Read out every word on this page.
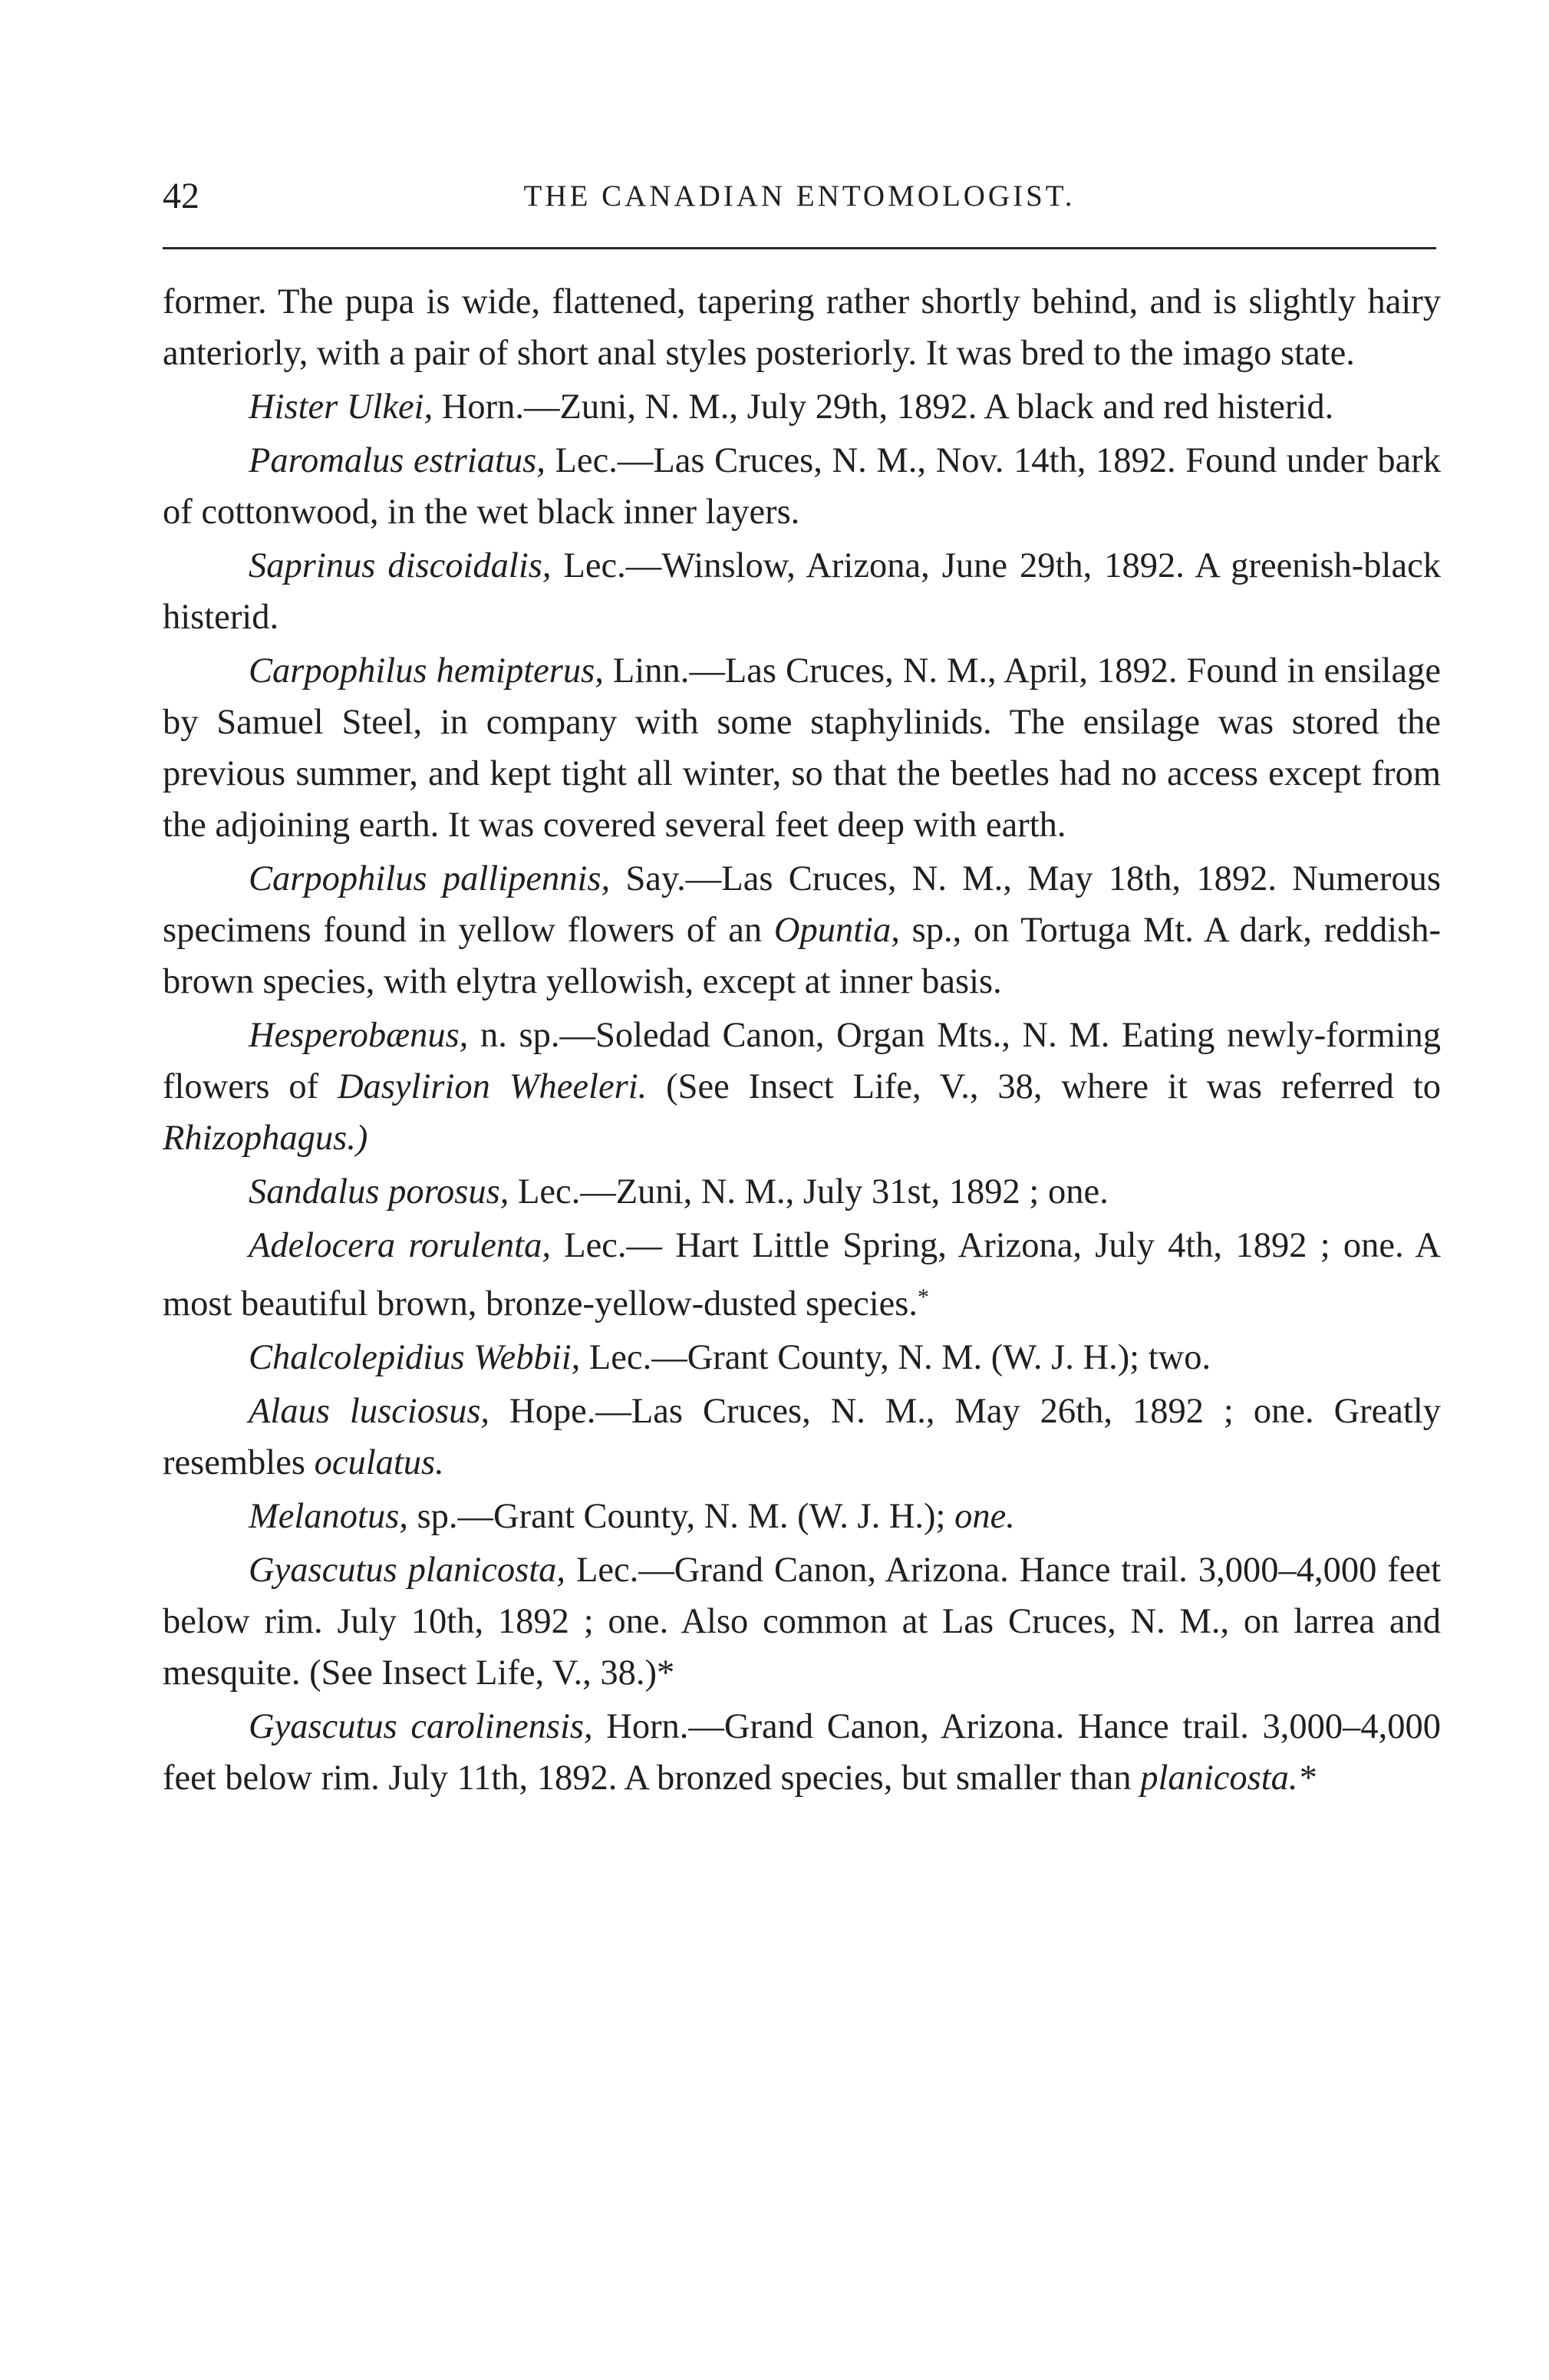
42	THE CANADIAN ENTOMOLOGIST.

former. The pupa is wide, flattened, tapering rather shortly behind, and is slightly hairy anteriorly, with a pair of short anal styles posteriorly. It was bred to the imago state.

Hister Ulkei, Horn.—Zuni, N. M., July 29th, 1892. A black and red histerid.

Paromalus estriatus, Lec.—Las Cruces, N. M., Nov. 14th, 1892. Found under bark of cottonwood, in the wet black inner layers.

Saprinus discoidalis, Lec.—Winslow, Arizona, June 29th, 1892. A greenish-black histerid.

Carpophilus hemipterus, Linn.—Las Cruces, N. M., April, 1892. Found in ensilage by Samuel Steel, in company with some staphylinids. The ensilage was stored the previous summer, and kept tight all winter, so that the beetles had no access except from the adjoining earth. It was covered several feet deep with earth.

Carpophilus pallipennis, Say.—Las Cruces, N. M., May 18th, 1892. Numerous specimens found in yellow flowers of an Opuntia, sp., on Tortuga Mt. A dark, reddish-brown species, with elytra yellowish, except at inner basis.

Hesperobænus, n. sp.—Soledad Canon, Organ Mts., N. M. Eating newly-forming flowers of Dasylirion Wheeleri. (See Insect Life, V., 38, where it was referred to Rhizophagus.)

Sandalus porosus, Lec.—Zuni, N. M., July 31st, 1892 ; one.

Adelocera rorulenta, Lec.— Hart Little Spring, Arizona, July 4th, 1892 ; one. A most beautiful brown, bronze-yellow-dusted species.*

Chalcolepidius Webbii, Lec.—Grant County, N. M. (W. J. H.); two.

Alaus lusciosus, Hope.—Las Cruces, N. M., May 26th, 1892 ; one. Greatly resembles oculatus.

Melanotus, sp.—Grant County, N. M. (W. J. H.); one.

Gyascutus planicosta, Lec.—Grand Canon, Arizona. Hance trail. 3,000–4,000 feet below rim. July 10th, 1892 ; one. Also common at Las Cruces, N. M., on larrea and mesquite. (See Insect Life, V., 38.)*

Gyascutus carolinensis, Horn.—Grand Canon, Arizona. Hance trail. 3,000–4,000 feet below rim. July 11th, 1892. A bronzed species, but smaller than planicosta.*
